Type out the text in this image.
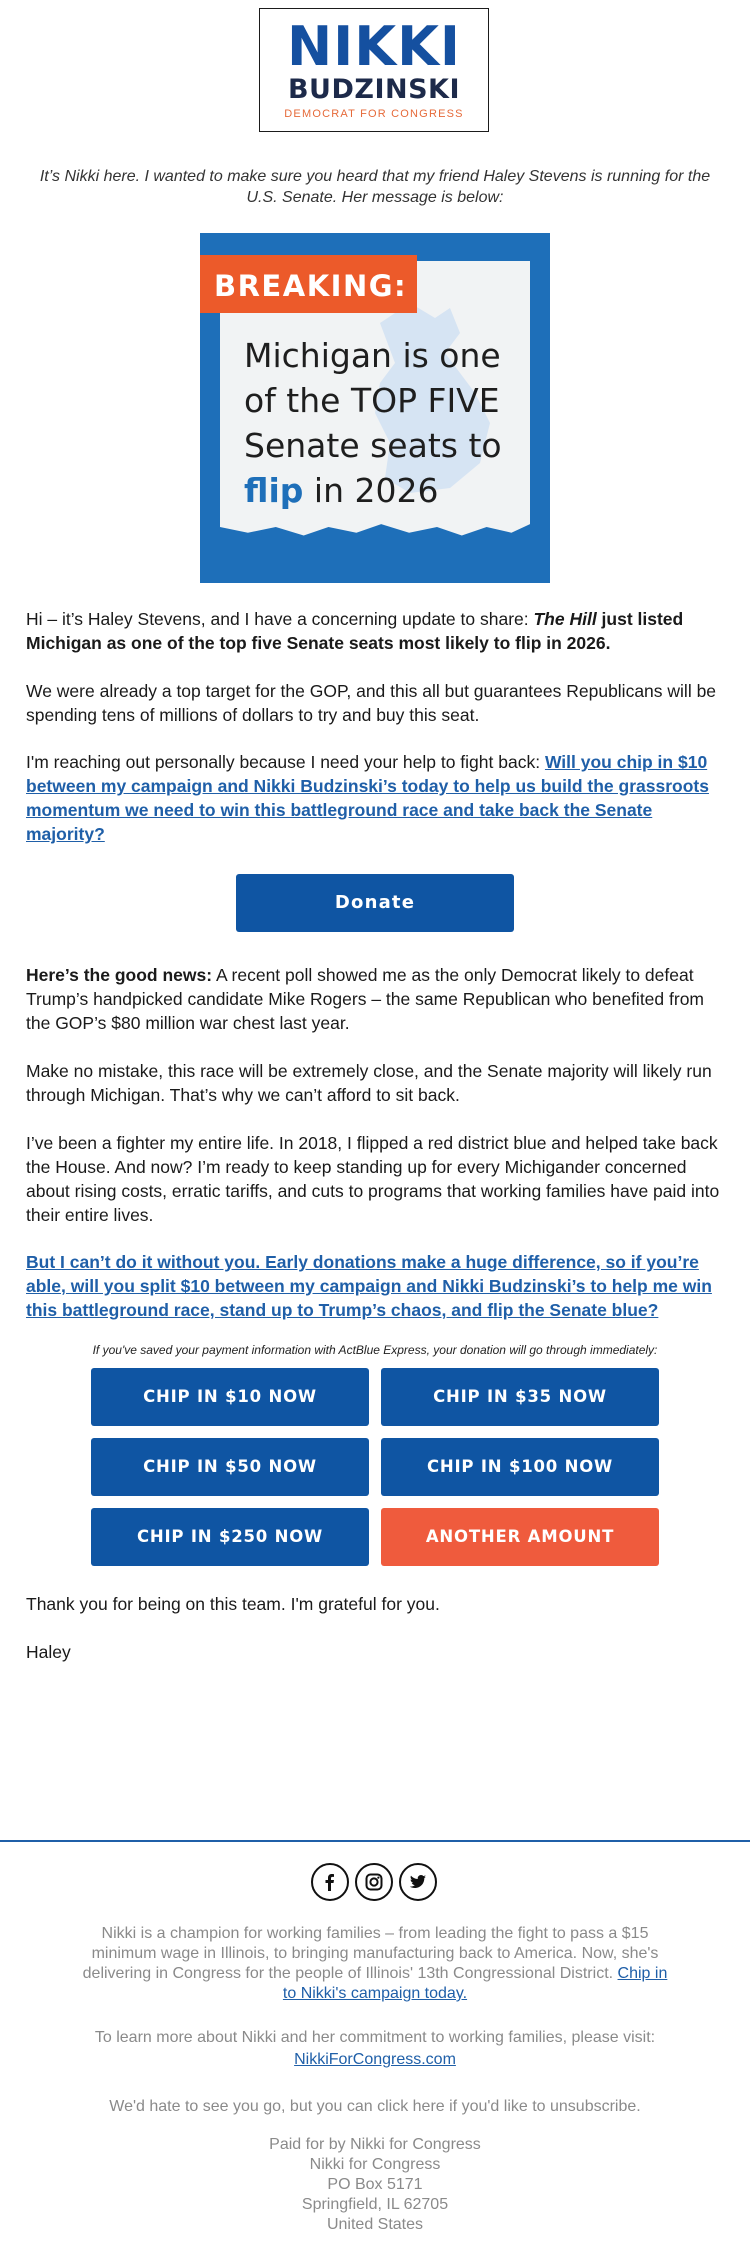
NIKKI
BUDZINSKI
DEMOCRAT FOR CONGRESS
It’s Nikki here. I wanted to make sure you heard that my friend Haley Stevens is running for the U.S. Senate. Her message is below:
BREAKING:
Michigan is one
of the TOP FIVE
Senate seats to
flip in 2026
Hi – it’s Haley Stevens, and I have a concerning update to share: The Hill just listed Michigan as one of the top five Senate seats most likely to flip in 2026.
We were already a top target for the GOP, and this all but guarantees Republicans will be spending tens of millions of dollars to try and buy this seat.
I'm reaching out personally because I need your help to fight back: Will you chip in $10 between my campaign and Nikki Budzinski’s today to help us build the grassroots momentum we need to win this battleground race and take back the Senate majority?
Donate
Here’s the good news: A recent poll showed me as the only Democrat likely to defeat Trump’s handpicked candidate Mike Rogers – the same Republican who benefited from the GOP’s $80 million war chest last year.
Make no mistake, this race will be extremely close, and the Senate majority will likely run through Michigan. That’s why we can’t afford to sit back.
I’ve been a fighter my entire life. In 2018, I flipped a red district blue and helped take back the House. And now? I’m ready to keep standing up for every Michigander concerned about rising costs, erratic tariffs, and cuts to programs that working families have paid into their entire lives.
But I can’t do it without you. Early donations make a huge difference, so if you’re able, will you split $10 between my campaign and Nikki Budzinski’s to help me win this battleground race, stand up to Trump’s chaos, and flip the Senate blue?
If you've saved your payment information with ActBlue Express, your donation will go through immediately:
CHIP IN $10 NOW	CHIP IN $35 NOW
CHIP IN $50 NOW	CHIP IN $100 NOW
CHIP IN $250 NOW	ANOTHER AMOUNT
Thank you for being on this team. I'm grateful for you.
Haley
Nikki is a champion for working families – from leading the fight to pass a $15 minimum wage in Illinois, to bringing manufacturing back to America. Now, she's delivering in Congress for the people of Illinois' 13th Congressional District. Chip in to Nikki's campaign today.
To learn more about Nikki and her commitment to working families, please visit:
NikkiForCongress.com
We'd hate to see you go, but you can click here if you'd like to unsubscribe.
Paid for by Nikki for Congress
Nikki for Congress
PO Box 5171
Springfield, IL 62705
United States
